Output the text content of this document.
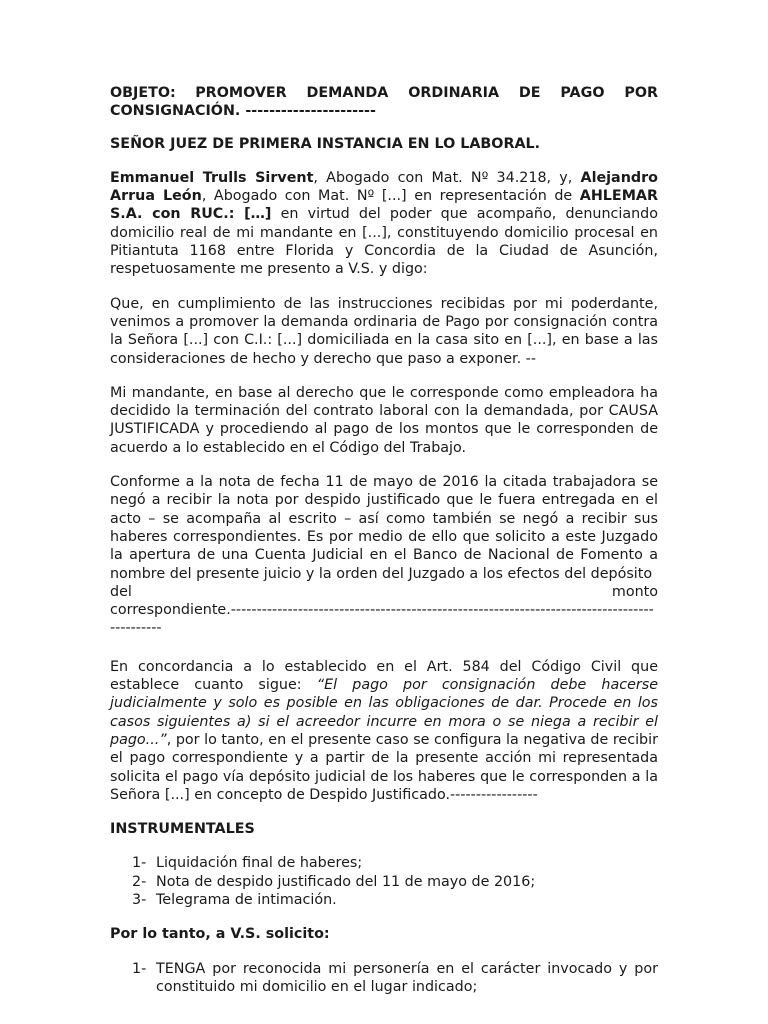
OBJETO: PROMOVER DEMANDA ORDINARIA DE PAGO POR CONSIGNACIÓN. ----------------------

SEÑOR JUEZ DE PRIMERA INSTANCIA EN LO LABORAL.

Emmanuel Trulls Sirvent, Abogado con Mat. Nº 34.218, y, Alejandro Arrua León, Abogado con Mat. Nº [...] en representación de AHLEMAR S.A. con RUC.: […] en virtud del poder que acompaño, denunciando domicilio real de mi mandante en [...], constituyendo domicilio procesal en Pitiantuta 1168 entre Florida y Concordia de la Ciudad de Asunción, respetuosamente me presento a V.S. y digo:

Que, en cumplimiento de las instrucciones recibidas por mi poderdante, venimos a promover la demanda ordinaria de Pago por consignación contra la Señora [...] con C.I.: [...] domiciliada en la casa sito en [...], en base a las consideraciones de hecho y derecho que paso a exponer. --

Mi mandante, en base al derecho que le corresponde como empleadora ha decidido la terminación del contrato laboral con la demandada, por CAUSA JUSTIFICADA y procediendo al pago de los montos que le corresponden de acuerdo a lo establecido en el Código del Trabajo.

Conforme a la nota de fecha 11 de mayo de 2016 la citada trabajadora se negó a recibir la nota por despido justificado que le fuera entregada en el acto – se acompaña al escrito – así como también se negó a recibir sus haberes correspondientes. Es por medio de ello que solicito a este Juzgado la apertura de una Cuenta Judicial en el Banco de Nacional de Fomento a nombre del presente juicio y la orden del Juzgado a los efectos del depósito
del	monto
correspondiente.--------------------------------------------------------------------------------------------

En concordancia a lo establecido en el Art. 584 del Código Civil que establece cuanto sigue: “El pago por consignación debe hacerse judicialmente y solo es posible en las obligaciones de dar. Procede en los casos siguientes a) si el acreedor incurre en mora o se niega a recibir el pago...”, por lo tanto, en el presente caso se configura la negativa de recibir el pago correspondiente y a partir de la presente acción mi representada solicita el pago vía depósito judicial de los haberes que le corresponden a la Señora [...] en concepto de Despido Justificado.-----------------

INSTRUMENTALES

1- Liquidación final de haberes;
2- Nota de despido justificado del 11 de mayo de 2016;
3- Telegrama de intimación.

Por lo tanto, a V.S. solicito:

1- TENGA por reconocida mi personería en el carácter invocado y por constituido mi domicilio en el lugar indicado;
